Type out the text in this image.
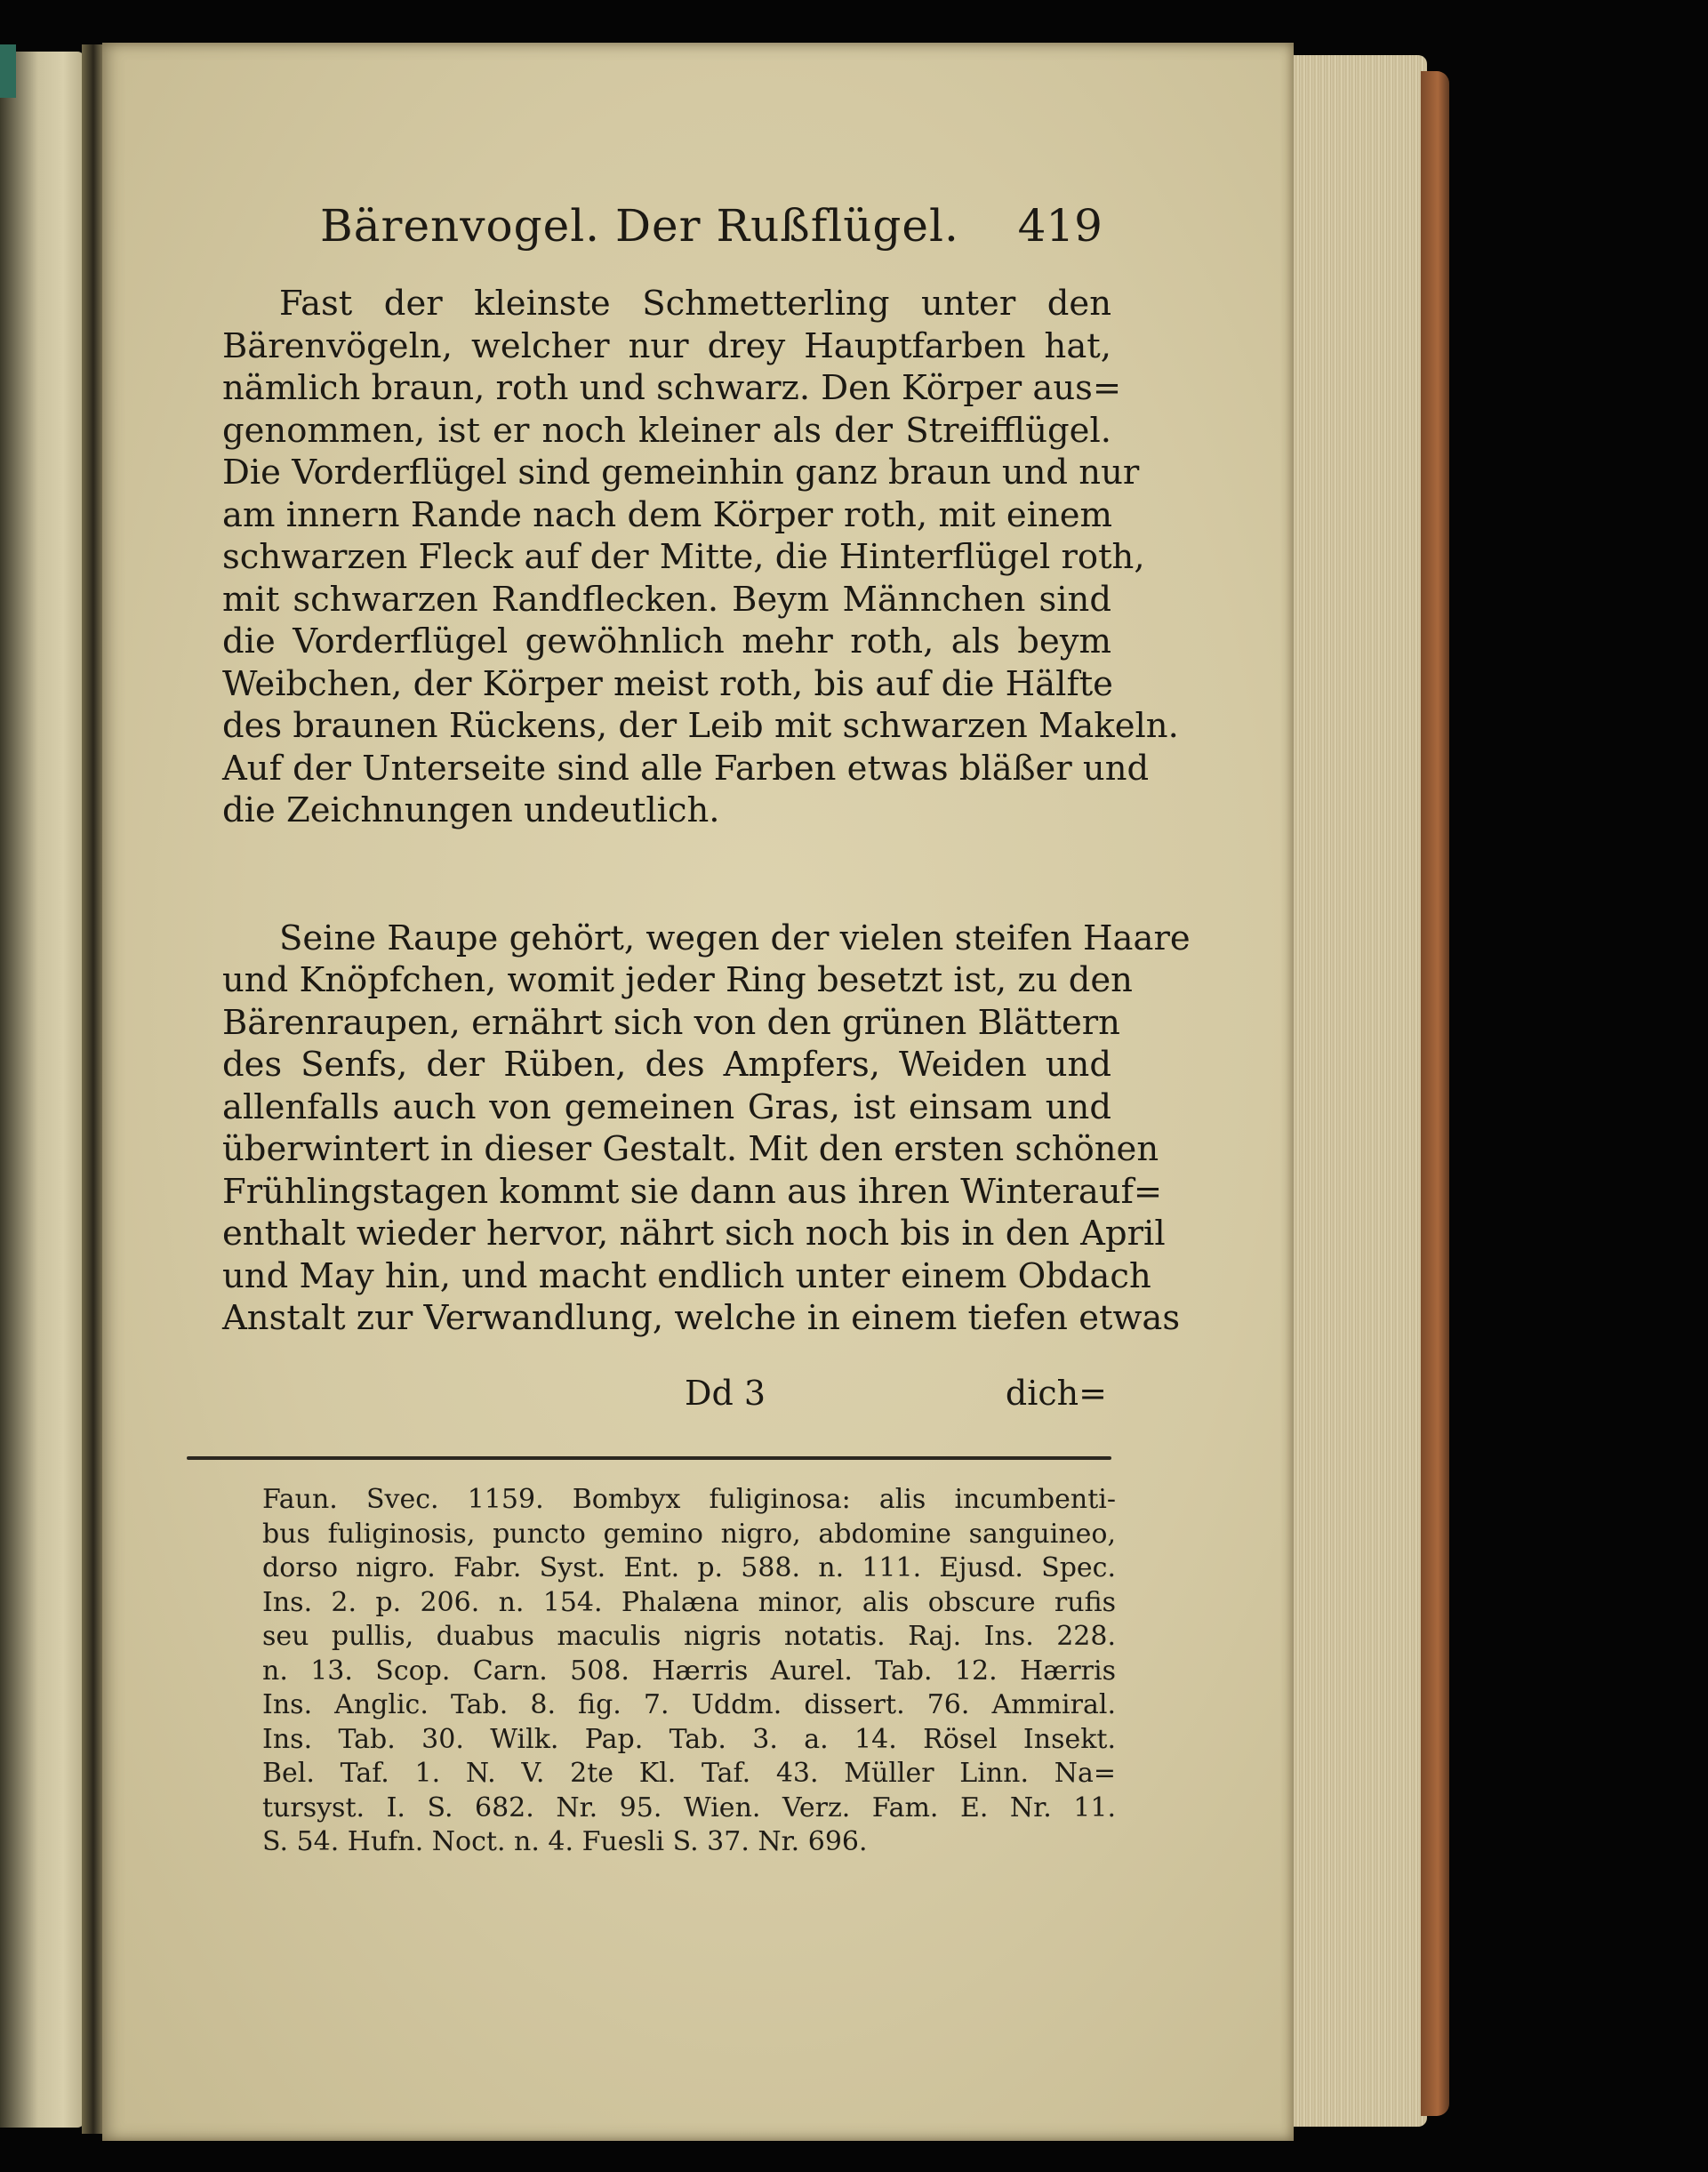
Bärenvogel. Der Rußflügel. 419
Fast der kleinste Schmetterling unter den
Bärenvögeln, welcher nur drey Hauptfarben hat,
nämlich braun, roth und schwarz. Den Körper aus=
genommen, ist er noch kleiner als der Streifflügel.
Die Vorderflügel sind gemeinhin ganz braun und nur
am innern Rande nach dem Körper roth, mit einem
schwarzen Fleck auf der Mitte, die Hinterflügel roth,
mit schwarzen Randflecken. Beym Männchen sind
die Vorderflügel gewöhnlich mehr roth, als beym
Weibchen, der Körper meist roth, bis auf die Hälfte
des braunen Rückens, der Leib mit schwarzen Makeln.
Auf der Unterseite sind alle Farben etwas bläßer und
die Zeichnungen undeutlich.
Seine Raupe gehört, wegen der vielen steifen Haare
und Knöpfchen, womit jeder Ring besetzt ist, zu den
Bärenraupen, ernährt sich von den grünen Blättern
des Senfs, der Rüben, des Ampfers, Weiden und
allenfalls auch von gemeinen Gras, ist einsam und
überwintert in dieser Gestalt. Mit den ersten schönen
Frühlingstagen kommt sie dann aus ihren Winterauf=
enthalt wieder hervor, nährt sich noch bis in den April
und May hin, und macht endlich unter einem Obdach
Anstalt zur Verwandlung, welche in einem tiefen etwas
Dd 3	dich=
Faun. Svec. 1159. Bombyx fuliginosa: alis incumbenti-
bus fuliginosis, puncto gemino nigro, abdomine sanguineo,
dorso nigro. Fabr. Syst. Ent. p. 588. n. 111. Ejusd. Spec.
Ins. 2. p. 206. n. 154. Phalæna minor, alis obscure rufis
seu pullis, duabus maculis nigris notatis. Raj. Ins. 228.
n. 13. Scop. Carn. 508. Hærris Aurel. Tab. 12. Hærris
Ins. Anglic. Tab. 8. fig. 7. Uddm. dissert. 76. Ammiral.
Ins. Tab. 30. Wilk. Pap. Tab. 3. a. 14. Rösel Insekt.
Bel. Taf. 1. N. V. 2te Kl. Taf. 43. Müller Linn. Na=
tursyst. I. S. 682. Nr. 95. Wien. Verz. Fam. E. Nr. 11.
S. 54. Hufn. Noct. n. 4. Fuesli S. 37. Nr. 696.
